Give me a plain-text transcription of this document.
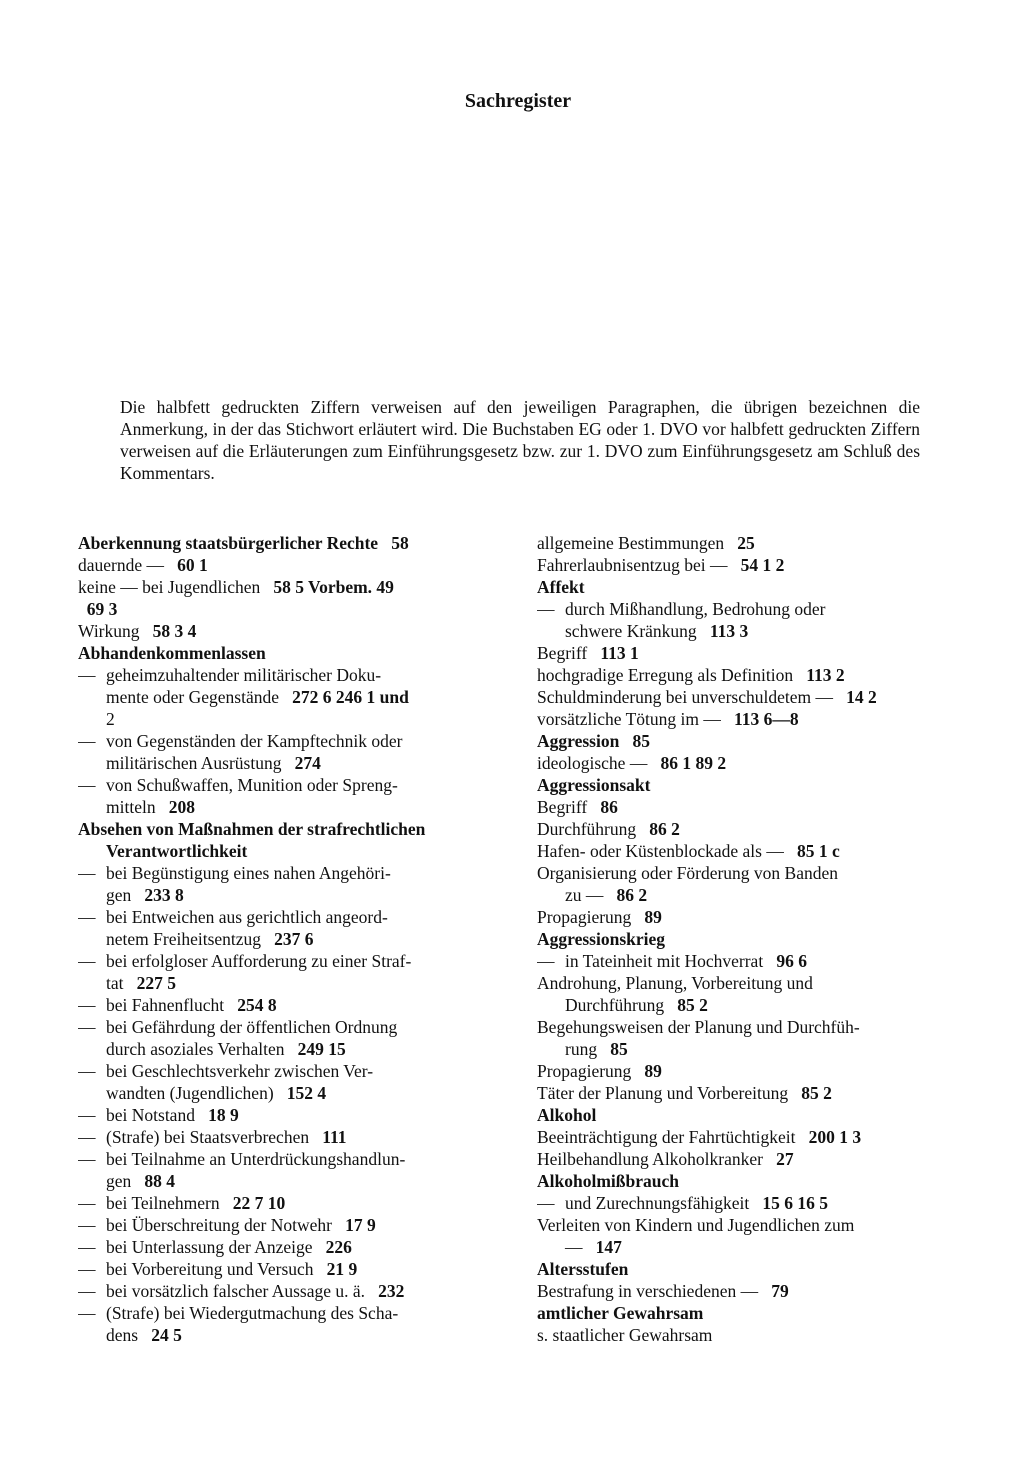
Sachregister

Die halbfett gedruckten Ziffern verweisen auf den jeweiligen Paragraphen, die übrigen bezeichnen die Anmerkung, in der das Stichwort erläutert wird. Die Buchstaben EG oder 1. DVO vor halbfett gedruckten Ziffern verweisen auf die Erläuterungen zum Einführungsgesetz bzw. zur 1. DVO zum Einführungsgesetz am Schluß des Kommentars.

Aberkennung staatsbürgerlicher Rechte  58
dauernde —  60 1
keine — bei Jugendlichen  58 5 Vorbem. 49
 69 3
Wirkung  58 3 4
Abhandenkommenlassen
— geheimzuhaltender militärischer Doku-
mente oder Gegenstände  272 6 246 1 und
2
— von Gegenständen der Kampftechnik oder
militärischen Ausrüstung  274
— von Schußwaffen, Munition oder Spreng-
mitteln  208
Absehen von Maßnahmen der strafrechtlichen
Verantwortlichkeit
— bei Begünstigung eines nahen Angehöri-
gen  233 8
— bei Entweichen aus gerichtlich angeord-
netem Freiheitsentzug  237 6
— bei erfolgloser Aufforderung zu einer Straf-
tat  227 5
— bei Fahnenflucht  254 8
— bei Gefährdung der öffentlichen Ordnung
durch asoziales Verhalten  249 15
— bei Geschlechtsverkehr zwischen Ver-
wandten (Jugendlichen)  152 4
— bei Notstand  18 9
— (Strafe) bei Staatsverbrechen  111
— bei Teilnahme an Unterdrückungshandlun-
gen  88 4
— bei Teilnehmern  22 7 10
— bei Überschreitung der Notwehr  17 9
— bei Unterlassung der Anzeige  226
— bei Vorbereitung und Versuch  21 9
— bei vorsätzlich falscher Aussage u. ä.  232
— (Strafe) bei Wiedergutmachung des Scha-
dens  24 5
allgemeine Bestimmungen  25
Fahrerlaubnisentzug bei —  54 1 2
Affekt
— durch Mißhandlung, Bedrohung oder
schwere Kränkung  113 3
Begriff  113 1
hochgradige Erregung als Definition  113 2
Schuldminderung bei unverschuldetem —  14 2
vorsätzliche Tötung im —  113 6—8
Aggression  85
ideologische —  86 1 89 2
Aggressionsakt
Begriff  86
Durchführung  86 2
Hafen- oder Küstenblockade als —  85 1 c
Organisierung oder Förderung von Banden
zu —  86 2
Propagierung  89
Aggressionskrieg
— in Tateinheit mit Hochverrat  96 6
Androhung, Planung, Vorbereitung und
Durchführung  85 2
Begehungsweisen der Planung und Durchfüh-
rung  85
Propagierung  89
Täter der Planung und Vorbereitung  85 2
Alkohol
Beeinträchtigung der Fahrtüchtigkeit  200 1 3
Heilbehandlung Alkoholkranker  27
Alkoholmißbrauch
— und Zurechnungsfähigkeit  15 6 16 5
Verleiten von Kindern und Jugendlichen zum
—  147
Altersstufen
Bestrafung in verschiedenen —  79
amtlicher Gewahrsam
s. staatlicher Gewahrsam
